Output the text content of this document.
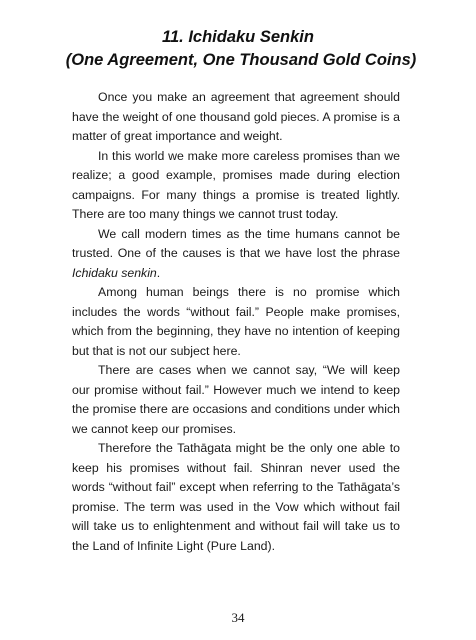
11. Ichidaku Senkin
(One Agreement, One Thousand Gold Coins)

Once you make an agreement that agreement should have the weight of one thousand gold pieces. A promise is a matter of great importance and weight.

In this world we make more careless promises than we realize; a good example, promises made during election campaigns. For many things a promise is treated lightly. There are too many things we cannot trust today.

We call modern times as the time humans cannot be trusted. One of the causes is that we have lost the phrase Ichidaku senkin.

Among human beings there is no promise which includes the words “without fail.” People make promises, which from the beginning, they have no intention of keeping but that is not our subject here.

There are cases when we cannot say, “We will keep our promise without fail.” However much we intend to keep the promise there are occasions and conditions under which we cannot keep our promises.

Therefore the Tathāgata might be the only one able to keep his promises without fail. Shinran never used the words “without fail” except when referring to the Tathāgata’s promise. The term was used in the Vow which without fail will take us to enlightenment and without fail will take us to the Land of Infinite Light (Pure Land).

34
